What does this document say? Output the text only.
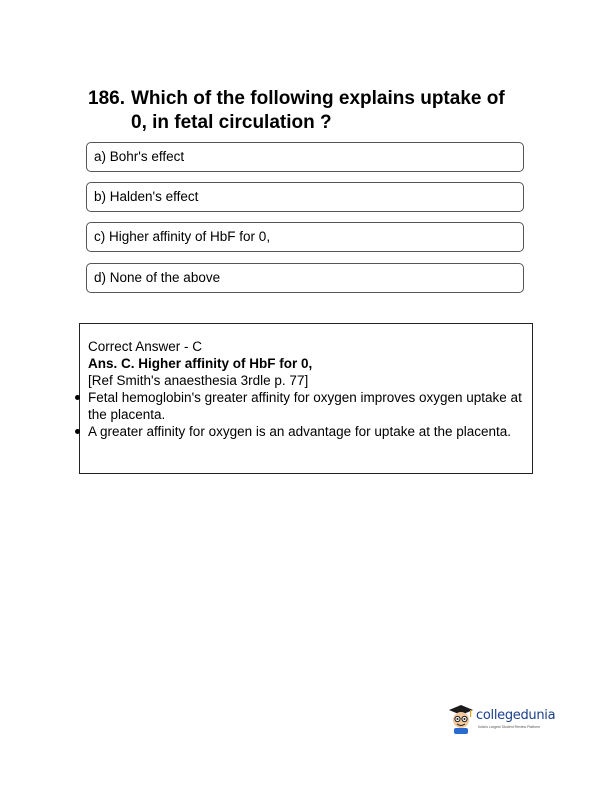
186. Which of the following explains uptake of
0, in fetal circulation ?
a) Bohr's effect
b) Halden's effect
c) Higher affinity of HbF for 0,
d) None of the above
Correct Answer - C
Ans. C. Higher affinity of HbF for 0,
[Ref Smith's anaesthesia 3rdle p. 77]
Fetal hemoglobin's greater affinity for oxygen improves oxygen uptake at the placenta.
A greater affinity for oxygen is an advantage for uptake at the placenta.
collegedunia
India's Largest Student Review Platform
